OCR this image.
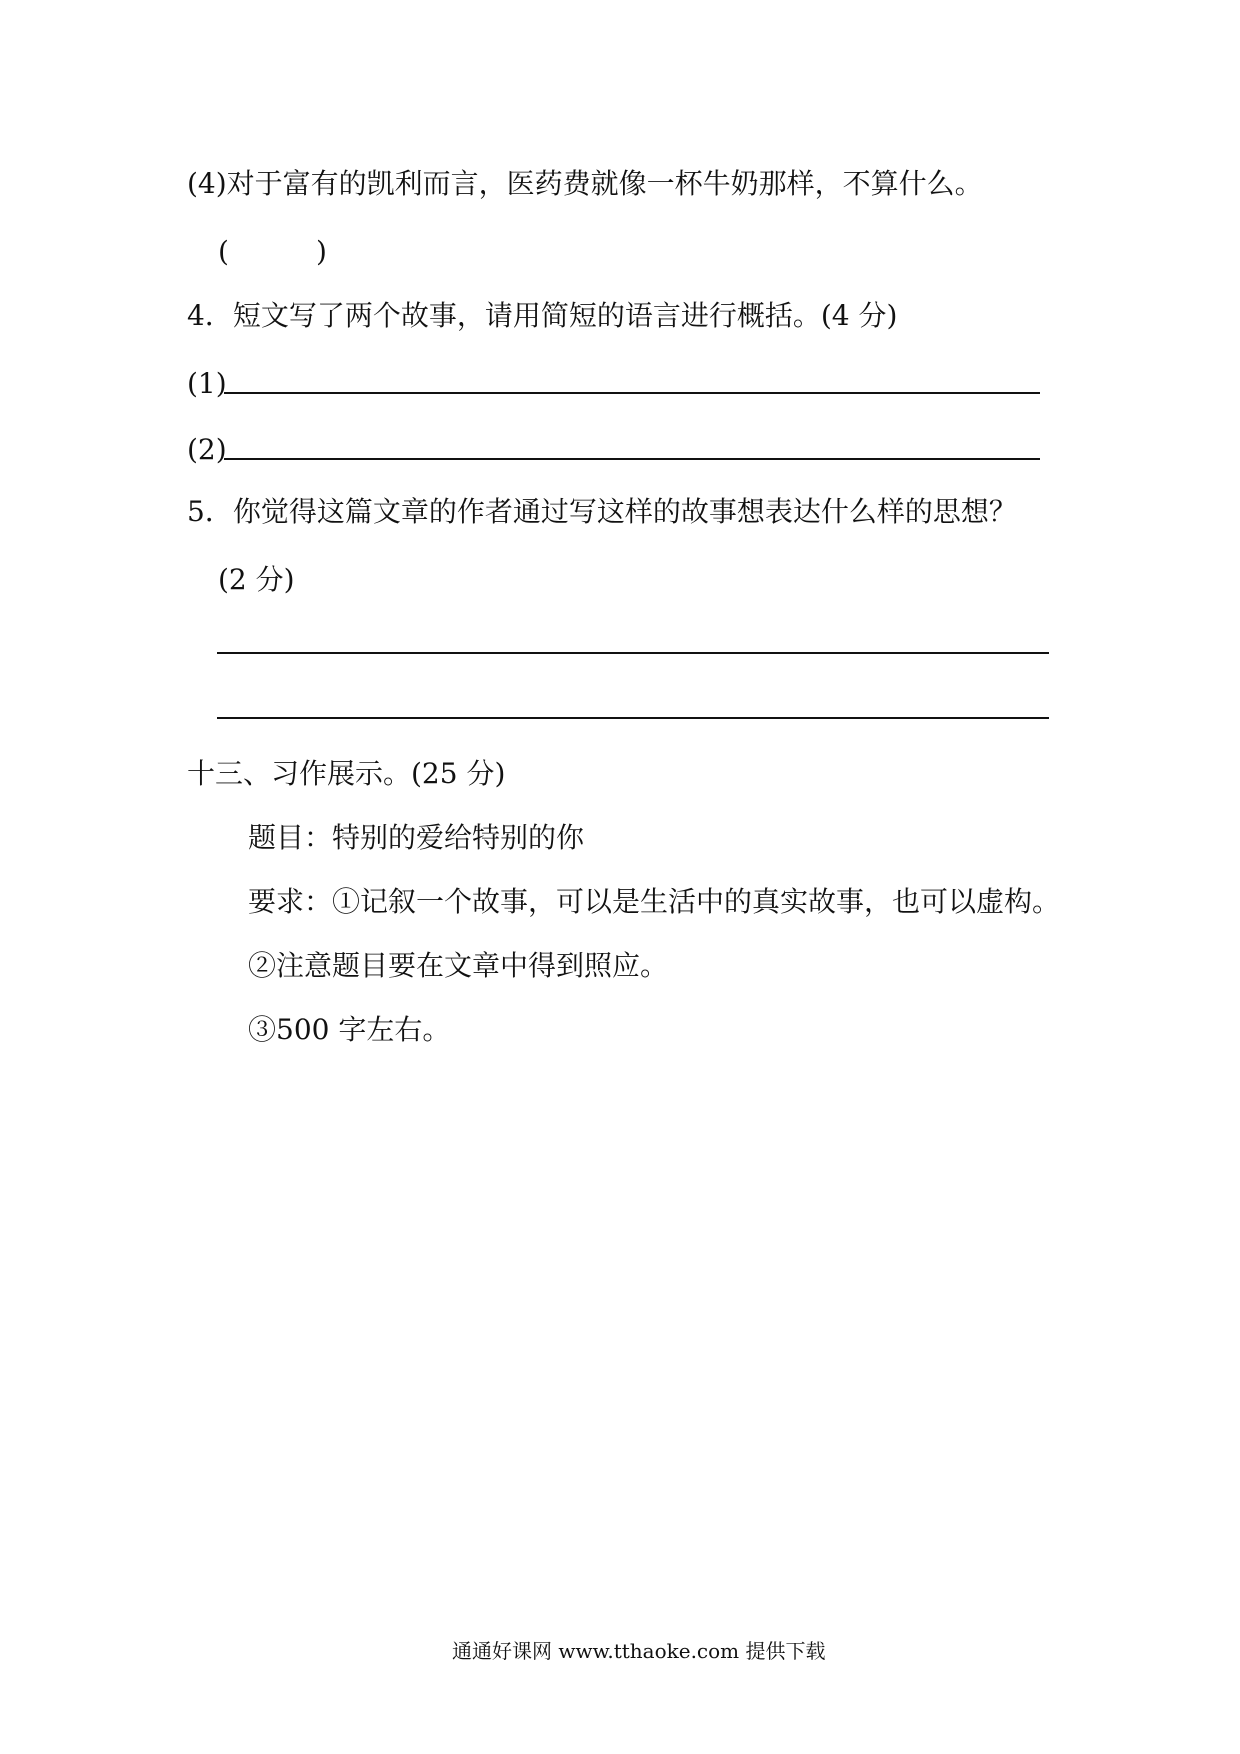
(4)对于富有的凯利而言，医药费就像一杯牛奶那样，不算什么。
(	)
4．短文写了两个故事，请用简短的语言进行概括。(4 分)
(1)
(2)
5．你觉得这篇文章的作者通过写这样的故事想表达什么样的思想？
(2 分)
十三、习作展示。(25 分)
题目：特别的爱给特别的你
要求：①记叙一个故事，可以是生活中的真实故事，也可以虚构。
②注意题目要在文章中得到照应。
③500 字左右。
通通好课网 www.tthaoke.com 提供下载
